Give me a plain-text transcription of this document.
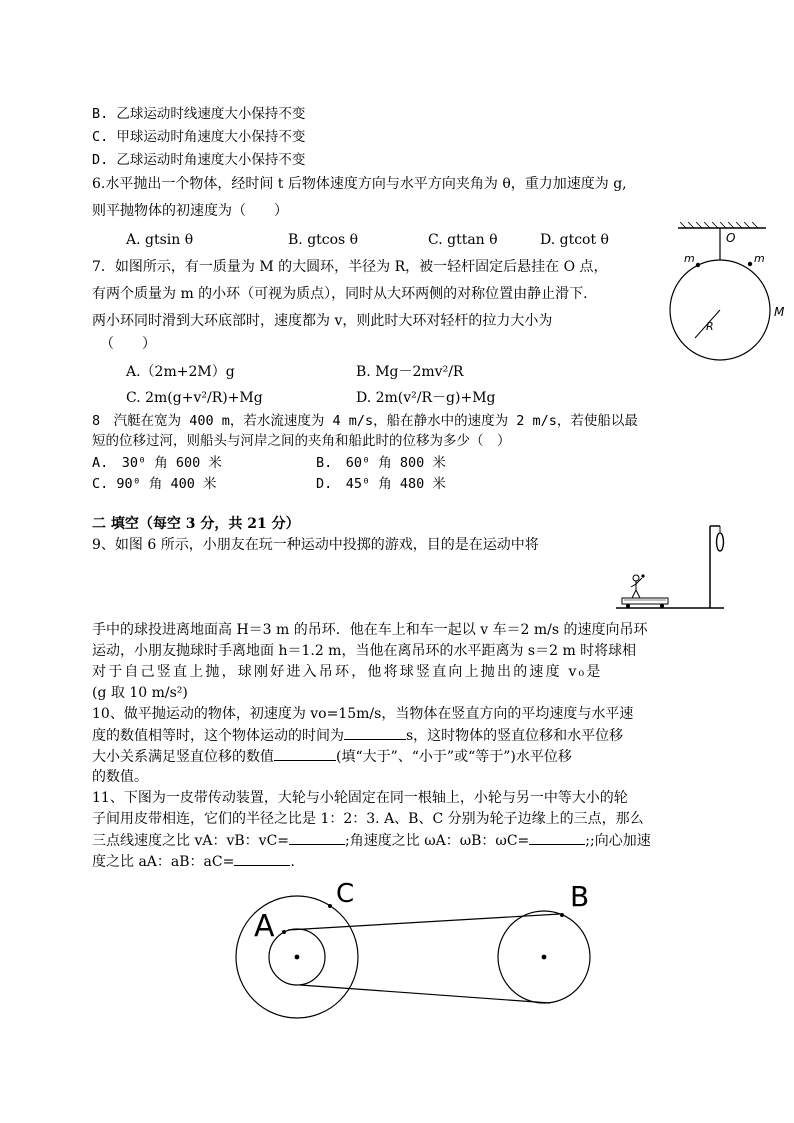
B. 乙球运动时线速度大小保持不变
C. 甲球运动时角速度大小保持不变
D. 乙球运动时角速度大小保持不变
6.水平抛出一个物体，经时间 t 后物体速度方向与水平方向夹角为 θ，重力加速度为 g,
则平抛物体的初速度为（　　）
A. gtsin θ	B. gtcos θ	C. gttan θ	D. gtcot θ
7．如图所示，有一质量为 M 的大圆环，半径为 R，被一轻杆固定后悬挂在 O 点，
有两个质量为 m 的小环（可视为质点），同时从大环两侧的对称位置由静止滑下.
两小环同时滑到大环底部时，速度都为 v，则此时大环对轻杆的拉力大小为
（　　）
A.（2m+2M）g	B. Mg－2mv²/R
C. 2m(g+v²/R)+Mg	D. 2m(v²/R－g)+Mg
O
m	m
R
M
8　汽艇在宽为 400 m，若水流速度为 4 m/s，船在静水中的速度为 2 m/s，若使船以最
短的位移过河，则船头与河岸之间的夹角和船此时的位移为多少（　）
A.　30⁰ 角 600 米	B.　60⁰ 角 800 米
C. 90⁰ 角 400 米	D.　45⁰ 角 480 米
二 填空（每空 3 分，共 21 分）
9、如图 6 所示，小朋友在玩一种运动中投掷的游戏，目的是在运动中将
手中的球投进离地面高 H＝3 m 的吊环．他在车上和车一起以 v 车＝2 m/s 的速度向吊环
运动，小朋友抛球时手离地面 h＝1.2 m，当他在离吊环的水平距离为 s＝2 m 时将球相
对于自己竖直上抛，球刚好进入吊环，他将球竖直向上抛出的速度 v₀是
(g 取 10 m/s²)
10、做平抛运动的物体，初速度为 vo=15m/s，当物体在竖直方向的平均速度与水平速
度的数值相等时，这个物体运动的时间为	s，这时物体的竖直位移和水平位移
大小关系满足竖直位移的数值	(填“大于”、“小于”或“等于”)水平位移
的数值。
11、下图为一皮带传动装置，大轮与小轮固定在同一根轴上，小轮与另一中等大小的轮
子间用皮带相连，它们的半径之比是 1：2：3. A、B、C 分别为轮子边缘上的三点，那么
三点线速度之比 vA：vB：vC=	;角速度之比 ωA：ωB：ωC=	;;向心加速
度之比 aA：aB：aC=	.
A
C	B
